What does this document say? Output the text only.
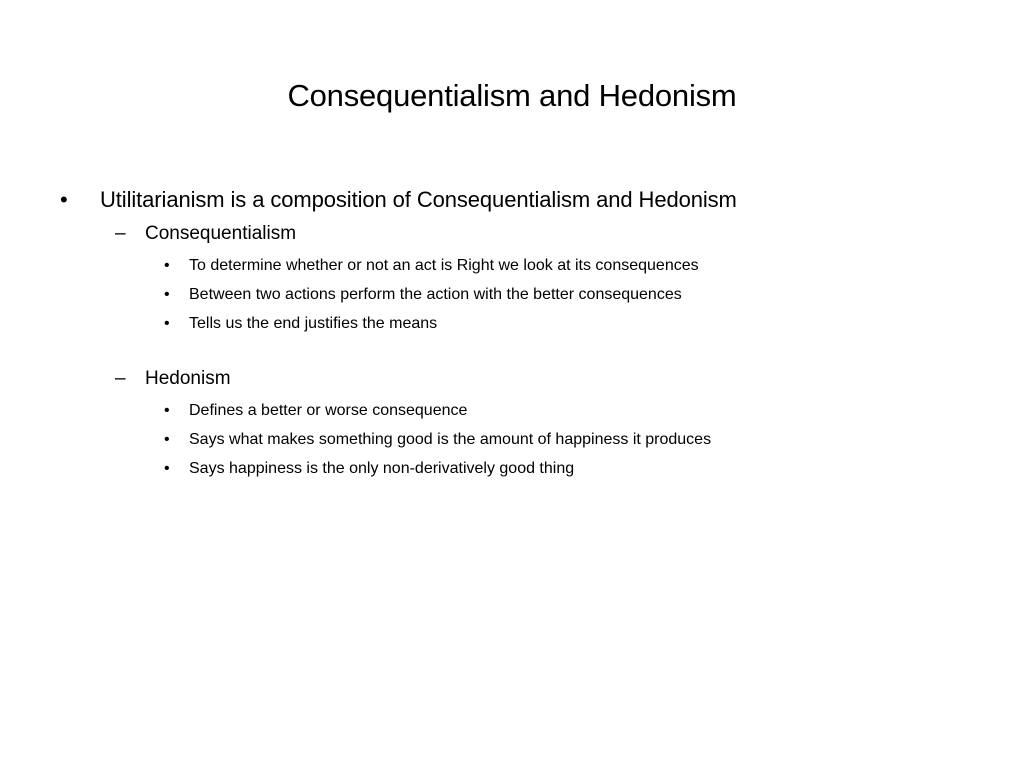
Consequentialism and Hedonism
•	Utilitarianism is a composition of Consequentialism and Hedonism
– Consequentialism
• To determine whether or not an act is Right we look at its consequences
• Between two actions perform the action with the better consequences
• Tells us the end justifies the means
– Hedonism
• Defines a better or worse consequence
• Says what makes something good is the amount of happiness it produces
• Says happiness is the only non-derivatively good thing
